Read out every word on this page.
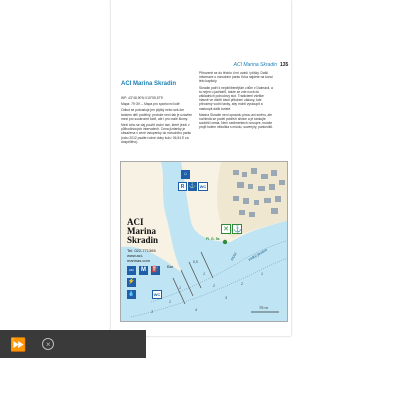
ACI Marina Skradin 135
ACI Marina Skradin

WP: 43°48,90'N 015°55,57'E

Mapa: 79 OK – Mapa pro sportovní lodě

Odtud se pokračuje jen plýtký nebo sek-tím tankem délí podélný, protože není tak je uzavřen mezi pro soukromé lodě, ale i pro malé šlumy.

Mezi toho se daj použít vodní taxi, které jezdí v půlhodinových intervalech. Cena jízdenky je obsažena v ceně vstupenky do národního parku (roku 2012 psalte rodné doby šuk> 06,54 E za dospělého).

Přirozeně se do těchto ti mi uvádí i plíšky. Další informace o národním parku Krka najdete na konci této kapitoly.

Skradin patří k nejoblíbenějším cílům v Dalmácii, a to nejen u jachtařů, takže se zde nová do základních pohodový stol. Tradiciemi všelike hlavně ve vidětí částí přiložení zákony, kde přirozený vodní taxky, aby mohli vystoupit a nastoupit další turisté.

Marina Skradin není opravdu plnou ani směru, ale rozhledá se podél pobřeží silnice a je tankujte souběží cesta. Není sedimentech novopre, musite projít kolem několika s mústu, suvenýry, parkovišti.

ACI
Marina
Skradin
Tel. 022-771365
www.aci-
marinas.com
24h	M ⛽
⚡
💧	WC
R ⚓ WC
⌂
✕ ⚓
Fl. G. 5s
Bar
velký jezero
most
75 m
0,5
1
1	2
2
3
3
2
1
4
⏩	×
